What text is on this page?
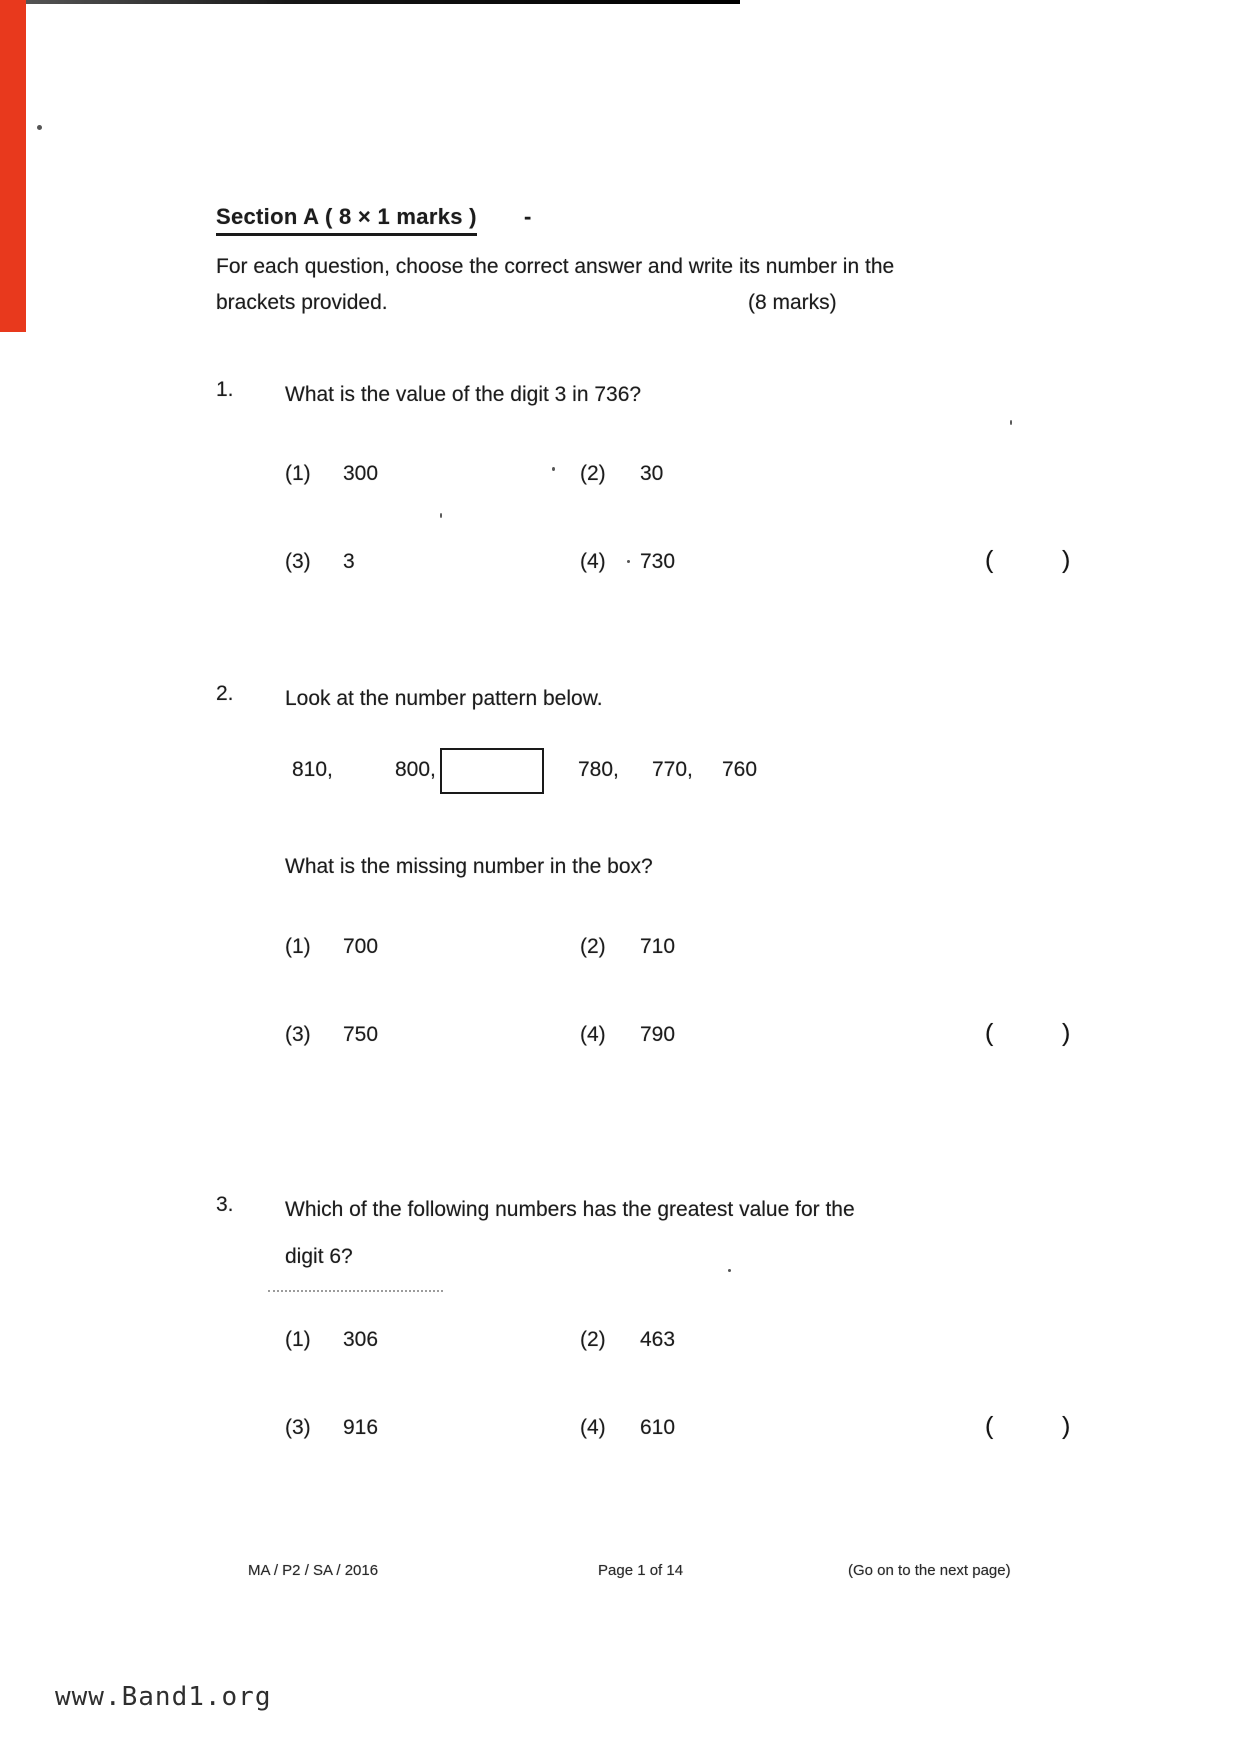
Section A ( 8 × 1 marks ) -
For each question, choose the correct answer and write its number in the
brackets provided.	(8 marks)
1. What is the value of the digit 3 in 736?
(1) 300	(2) 30
(3) 3	(4) 730	(	)
2. Look at the number pattern below.
810,	800,	780, 770, 760
What is the missing number in the box?
(1) 700	(2) 710
(3) 750	(4) 790	(	)
3. Which of the following numbers has the greatest value for the
digit 6?
(1) 306	(2) 463
(3) 916	(4) 610	(	)
MA / P2 / SA / 2016	Page 1 of 14	(Go on to the next page)
www.Band1.org
